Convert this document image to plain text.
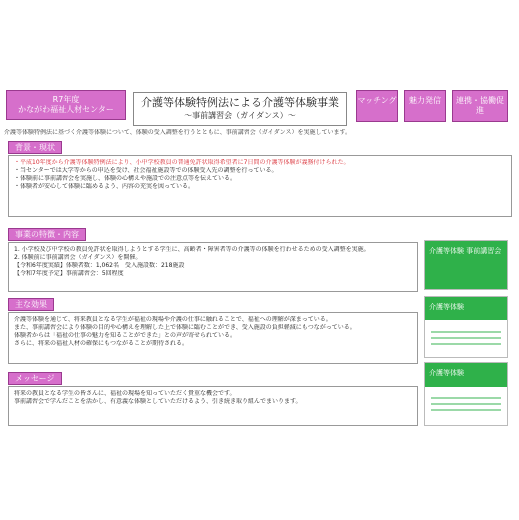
R7年度
かながわ福祉人材センター
介護等体験特例法による介護等体験事業
～事前講習会（ガイダンス）～
マッチング	魅力発信	連携・協働促進
介護等体験特例法に基づく介護等体験について、体験の受入調整を行うとともに、事前講習会（ガイダンス）を実施しています。
背景・現状
・平成10年度から介護等体験特例法により、小中学校教員の普通免許状取得希望者に7日間の介護等体験が義務付けられた。
・当センターでは大学等からの申込を受け、社会福祉施設等での体験受入先の調整を行っている。
・体験前に事前講習会を実施し、体験の心構えや施設での注意点等を伝えている。
・体験者が安心して体験に臨めるよう、内容の充実を図っている。
事業の特徴・内容
1. 小学校及び中学校の教員免許状を取得しようとする学生に、高齢者・障害者等の介護等の体験を行わせるための受入調整を実施。
2. 体験前に事前講習会（ガイダンス）を開催。
【令和6年度実績】体験者数：1,062名　受入施設数：218施設
【令和7年度予定】事前講習会：5回程度
主な効果
介護等体験を通じて、将来教員となる学生が福祉の現場や介護の仕事に触れることで、福祉への理解が深まっている。
また、事前講習会により体験の目的や心構えを理解した上で体験に臨むことができ、受入施設の負担軽減にもつながっている。
体験者からは「福祉の仕事の魅力を知ることができた」との声が寄せられている。
さらに、将来の福祉人材の確保にもつながることが期待される。
メッセージ
将来の教員となる学生の皆さんに、福祉の現場を知っていただく貴重な機会です。
事前講習会で学んだことを活かし、有意義な体験としていただけるよう、引き続き取り組んでまいります。
介護等体験 事前講習会
介護等体験
介護等体験
